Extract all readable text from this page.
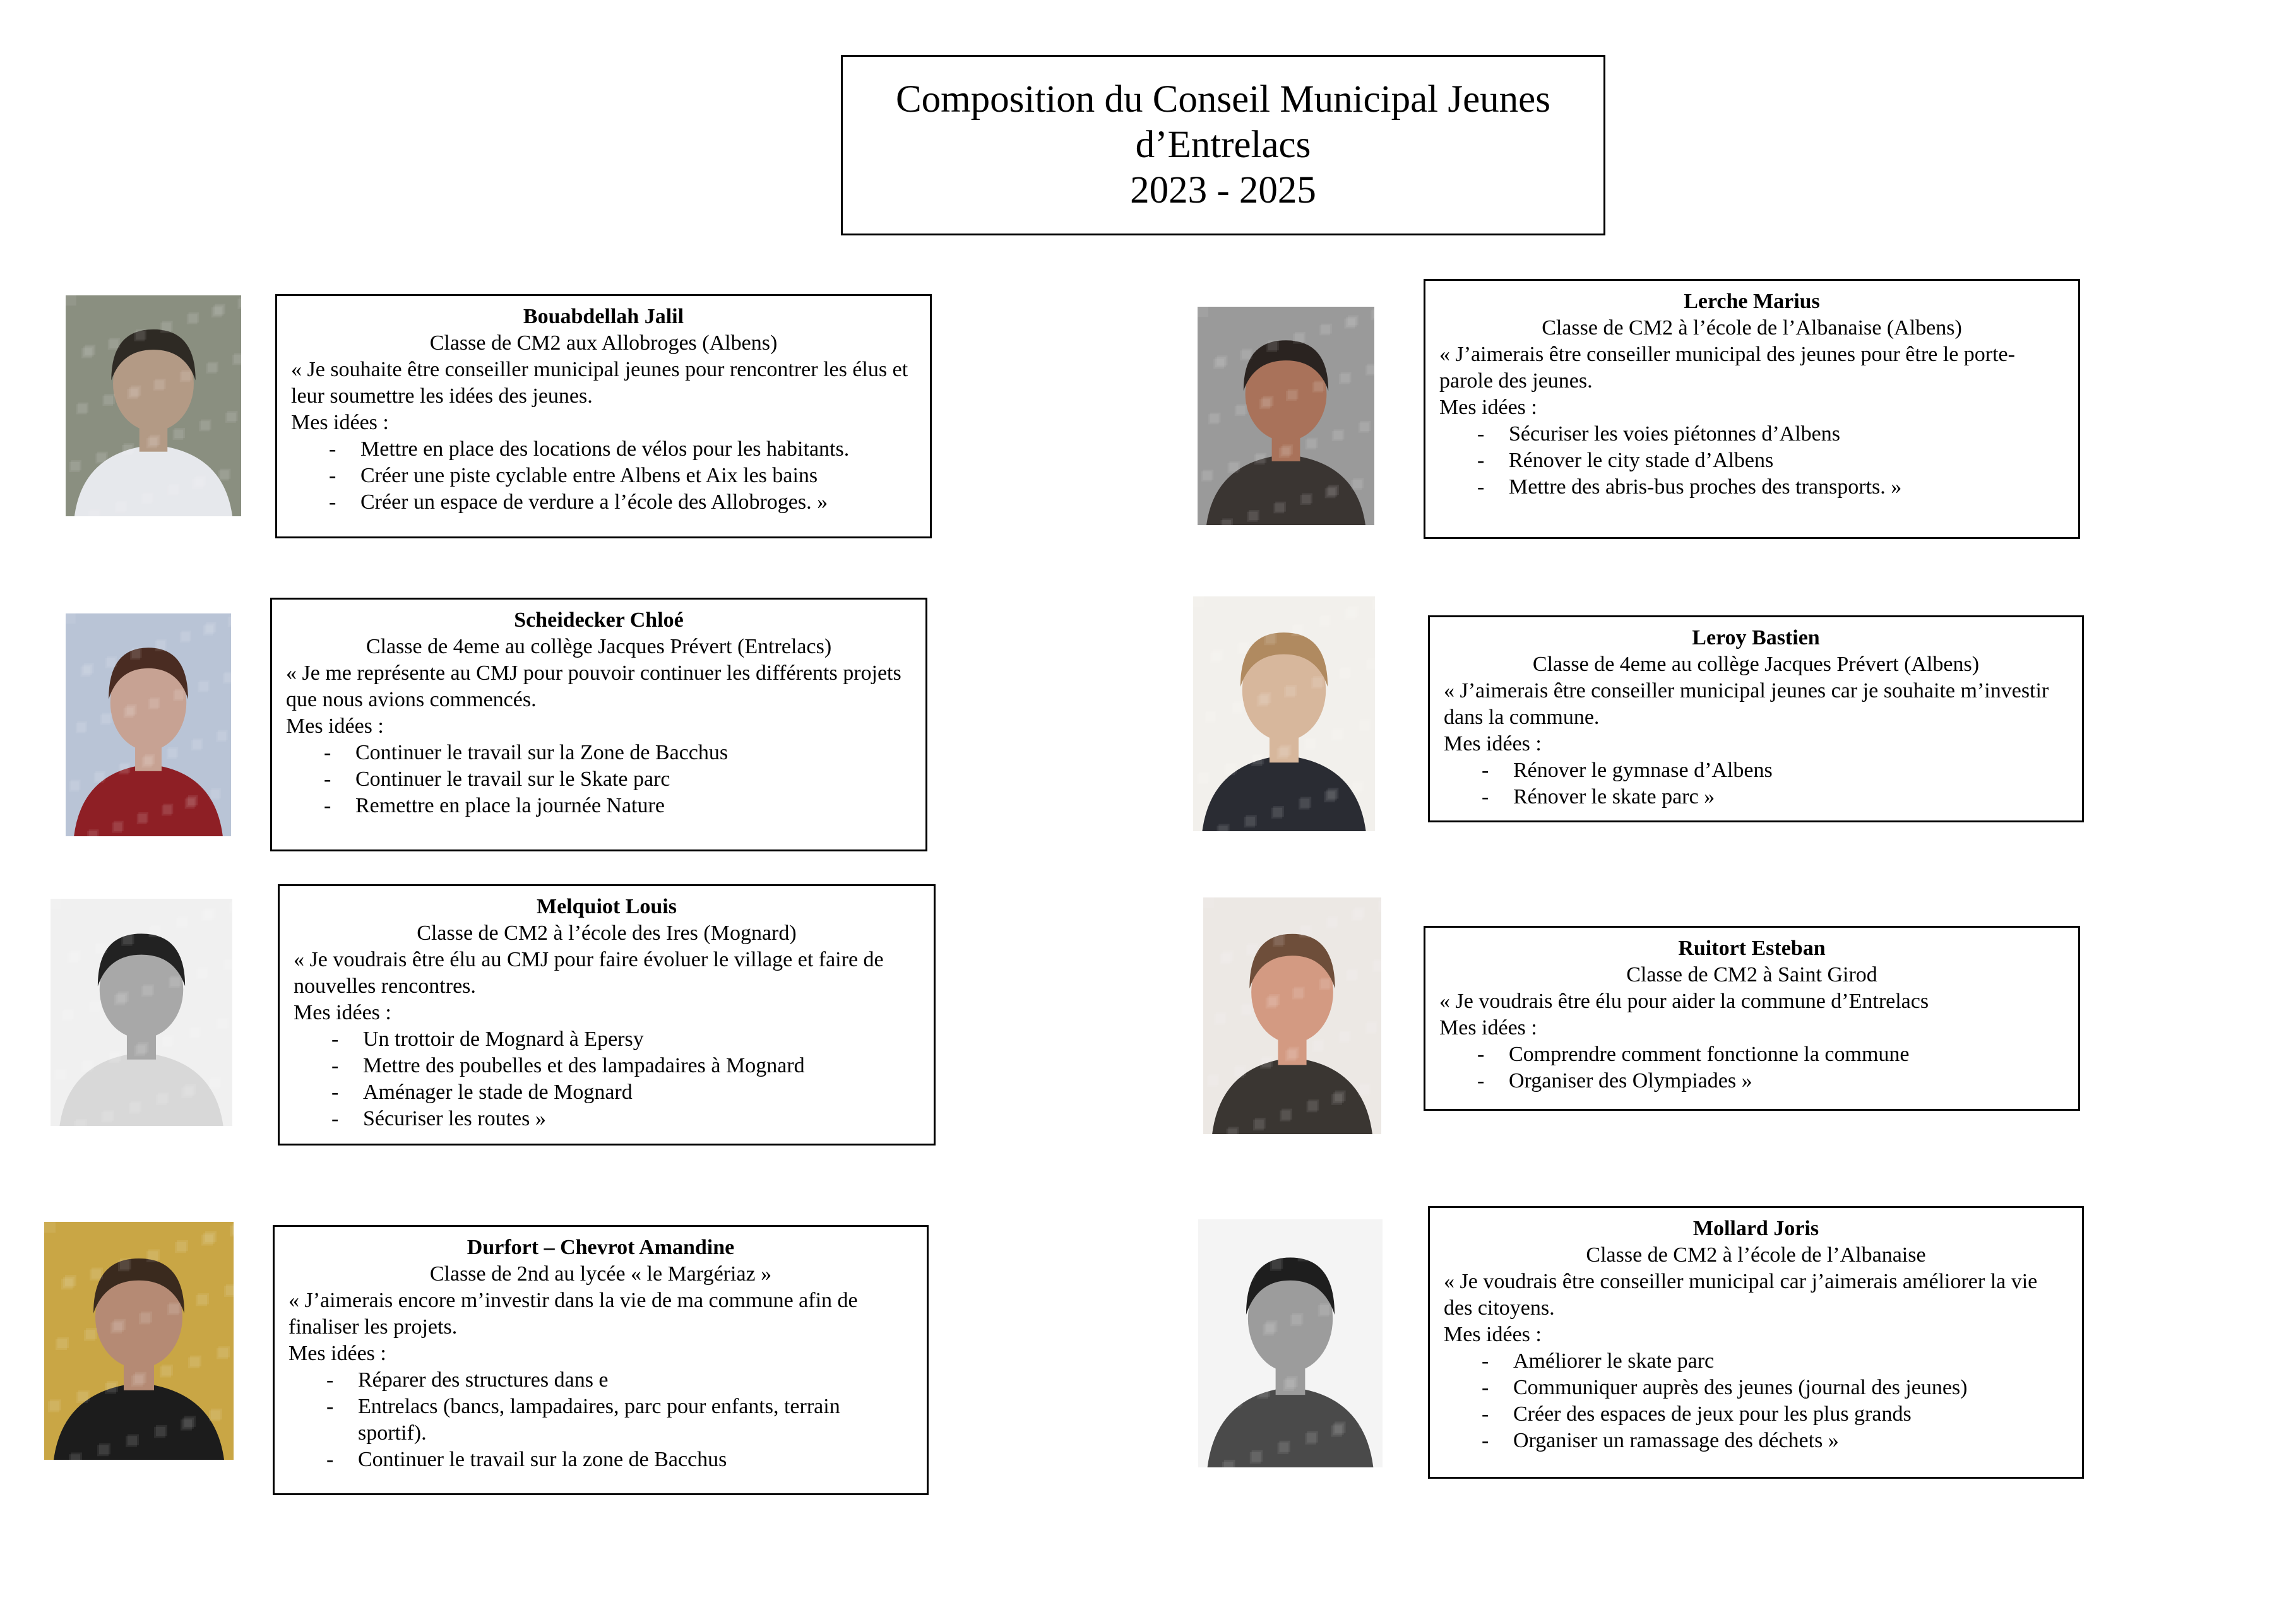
Composition du Conseil Municipal Jeunes
d’Entrelacs
2023 - 2025
Bouabdellah Jalil
Classe de CM2 aux Allobroges (Albens)
« Je souhaite être conseiller municipal jeunes pour rencontrer les élus et leur soumettre les idées des jeunes.
Mes idées :
- Mettre en place des locations de vélos pour les habitants.
- Créer une piste cyclable entre Albens et Aix les bains
- Créer un espace de verdure a l’école des Allobroges. »
Scheidecker Chloé
Classe de 4eme au collège Jacques Prévert (Entrelacs)
« Je me représente au CMJ pour pouvoir continuer les différents projets que nous avions commencés.
Mes idées :
- Continuer le travail sur la Zone de Bacchus
- Continuer le travail sur le Skate parc
- Remettre en place la journée Nature
Melquiot Louis
Classe de CM2 à l’école des Ires (Mognard)
« Je voudrais être élu au CMJ pour faire évoluer le village et faire de nouvelles rencontres.
Mes idées :
- Un trottoir de Mognard à Epersy
- Mettre des poubelles et des lampadaires à Mognard
- Aménager le stade de Mognard
- Sécuriser les routes »
Durfort – Chevrot Amandine
Classe de 2nd au lycée « le Margériaz »
« J’aimerais encore m’investir dans la vie de ma commune afin de finaliser les projets.
Mes idées :
- Réparer des structures dans e
- Entrelacs (bancs, lampadaires, parc pour enfants, terrain sportif).
- Continuer le travail sur la zone de Bacchus
Lerche Marius
Classe de CM2 à l’école de l’Albanaise (Albens)
« J’aimerais être conseiller municipal des jeunes pour être le porte-parole des jeunes.
Mes idées :
- Sécuriser les voies piétonnes d’Albens
- Rénover le city stade d’Albens
- Mettre des abris-bus proches des transports. »
Leroy Bastien
Classe de 4eme au collège Jacques Prévert (Albens)
« J’aimerais être conseiller municipal jeunes car je souhaite m’investir dans la commune.
Mes idées :
- Rénover le gymnase d’Albens
- Rénover le skate parc »
Ruitort Esteban
Classe de CM2 à Saint Girod
« Je voudrais être élu pour aider la commune d’Entrelacs
Mes idées :
- Comprendre comment fonctionne la commune
- Organiser des Olympiades »
Mollard Joris
Classe de CM2 à l’école de l’Albanaise
« Je voudrais être conseiller municipal car j’aimerais améliorer la vie des citoyens.
Mes idées :
- Améliorer le skate parc
- Communiquer auprès des jeunes (journal des jeunes)
- Créer des espaces de jeux pour les plus grands
- Organiser un ramassage des déchets »
